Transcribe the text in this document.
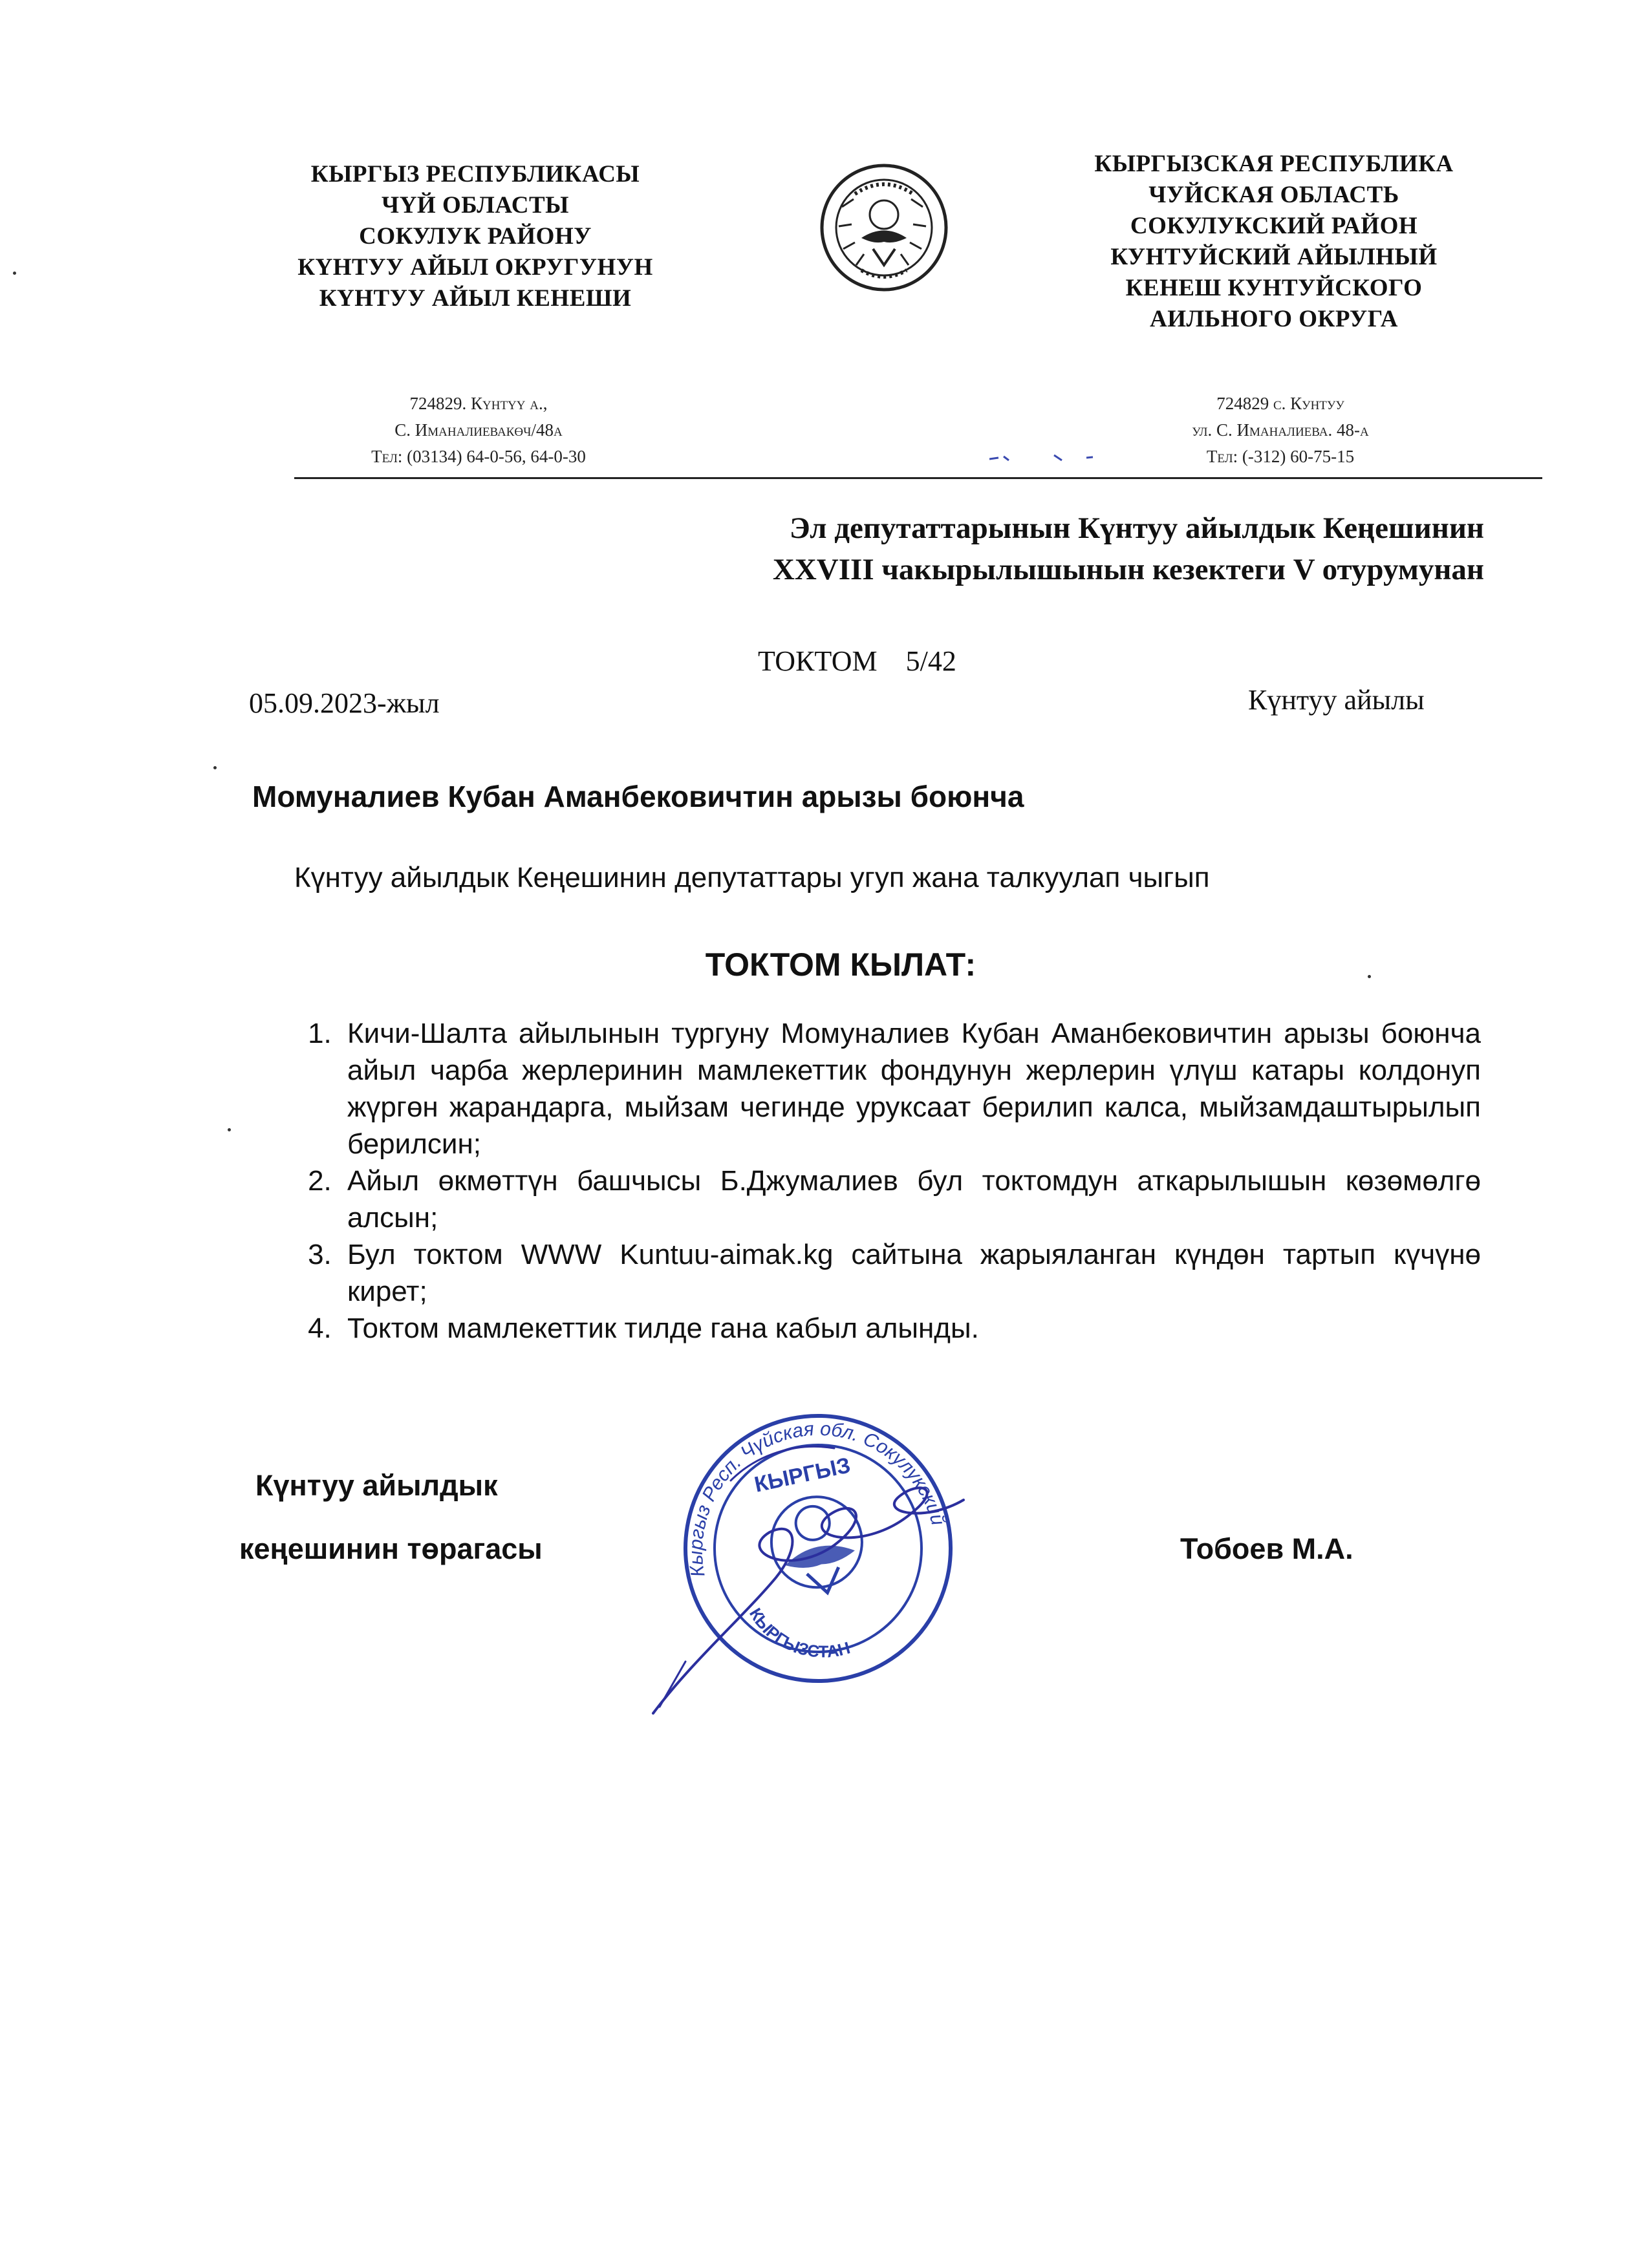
КЫРГЫЗ РЕСПУБЛИКАСЫ
ЧҮЙ ОБЛАСТЫ
СОКУЛУК РАЙОНУ
КҮНТУУ АЙЫЛ ОКРУГУНУН
КҮНТУУ АЙЫЛ КЕНЕШИ
КЫРГЫЗСКАЯ РЕСПУБЛИКА
ЧУЙСКАЯ ОБЛАСТЬ
СОКУЛУКСКИЙ РАЙОН
КУНТУЙСКИЙ АЙЫЛНЫЙ
КЕНЕШ КУНТУЙСКОГО
АИЛЬНОГО ОКРУГА
724829. Күнтүү а.,
С. Иманалиевакөч/48а
Тел: (03134) 64-0-56, 64-0-30
724829 с. Кунтуу
ул. С. Иманалиева. 48-а
Тел: (-312) 60-75-15
Эл депутаттарынын Күнтуу айылдык Кеңешинин
XXVIII чакырылышынын кезектеги V отурумунан
ТОКТОМ 5/42
05.09.2023-жыл	Күнтуу айылы
Момуналиев Кубан Аманбековичтин арызы боюнча
Күнтуу айылдык Кеңешинин депутаттары угуп жана талкуулап чыгып
ТОКТОМ КЫЛАТ:
1. Кичи-Шалта айылынын тургуну Момуналиев Кубан Аманбековичтин арызы боюнча айыл чарба жерлеринин мамлекеттик фондунун жерлерин үлүш катары колдонуп жүргөн жарандарга, мыйзам чегинде уруксаат берилип калса, мыйзамдаштырылып берилсин;
2. Айыл өкмөттүн башчысы Б.Джумалиев бул токтомдун аткарылышын көзөмөлгө алсын;
3. Бул токтом WWW Kuntuu-aimak.kg сайтына жарыяланган күндөн тартып күчүнө кирет;
4. Токтом мамлекеттик тилде гана кабыл алынды.
Күнтуу айылдык
кеңешинин төрагасы	Тобоев М.А.
Кыргыз Респ. Чүйская обл. Сокулукский
КЫРГЫЗ
КЫРГЫЗСТАН
